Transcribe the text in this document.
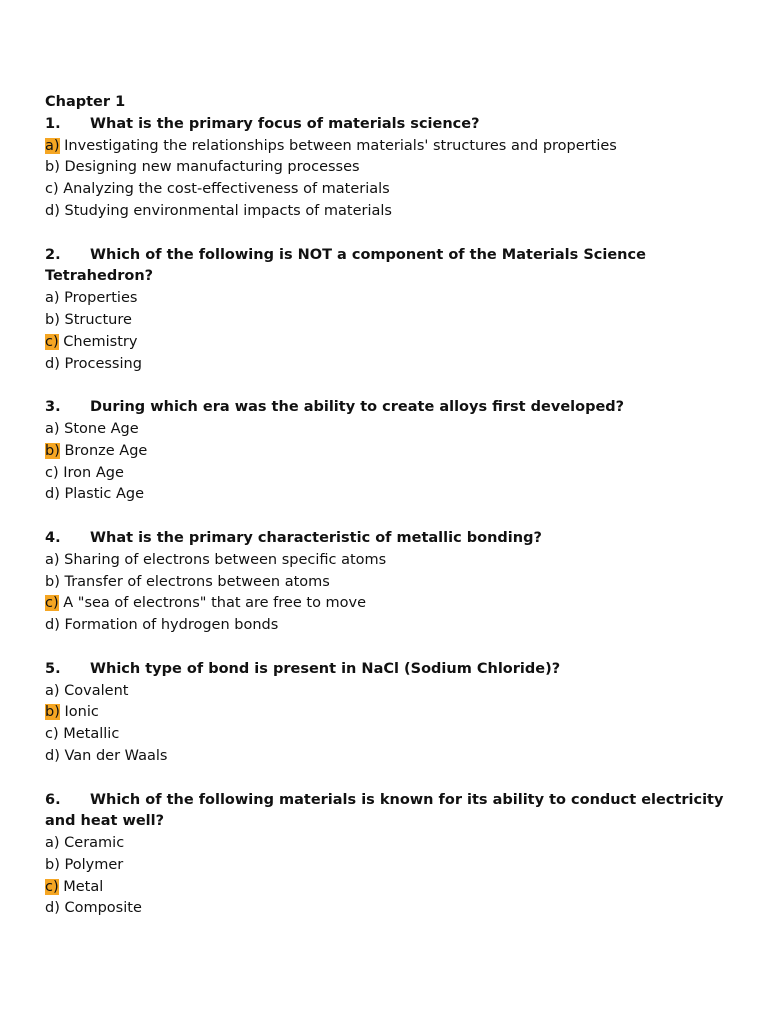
Chapter 1
1. What is the primary focus of materials science?
a) Investigating the relationships between materials' structures and properties
b) Designing new manufacturing processes
c) Analyzing the cost-effectiveness of materials
d) Studying environmental impacts of materials
2. Which of the following is NOT a component of the Materials Science Tetrahedron?
a) Properties
b) Structure
c) Chemistry
d) Processing
3. During which era was the ability to create alloys first developed?
a) Stone Age
b) Bronze Age
c) Iron Age
d) Plastic Age
4. What is the primary characteristic of metallic bonding?
a) Sharing of electrons between specific atoms
b) Transfer of electrons between atoms
c) A "sea of electrons" that are free to move
d) Formation of hydrogen bonds
5. Which type of bond is present in NaCl (Sodium Chloride)?
a) Covalent
b) Ionic
c) Metallic
d) Van der Waals
6. Which of the following materials is known for its ability to conduct electricity and heat well?
a) Ceramic
b) Polymer
c) Metal
d) Composite
